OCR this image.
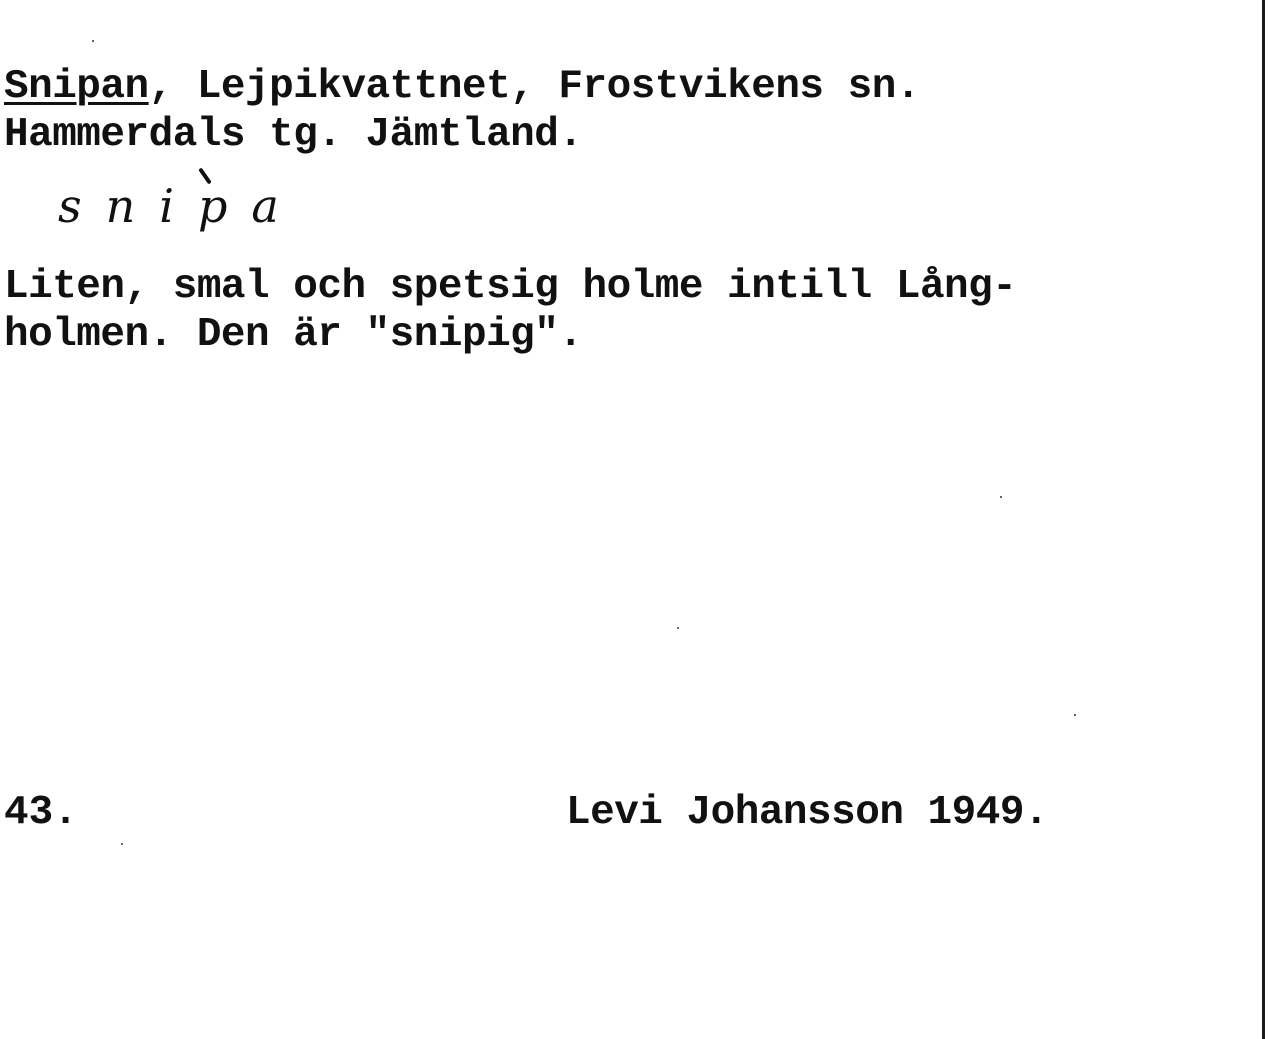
Snipan, Lejpikvattnet, Frostvikens sn.
Hammerdals tg. Jämtland.
snipa
Liten, smal och spetsig holme intill Lång-
holmen. Den är "snipig".
43.	Levi Johansson 1949.
